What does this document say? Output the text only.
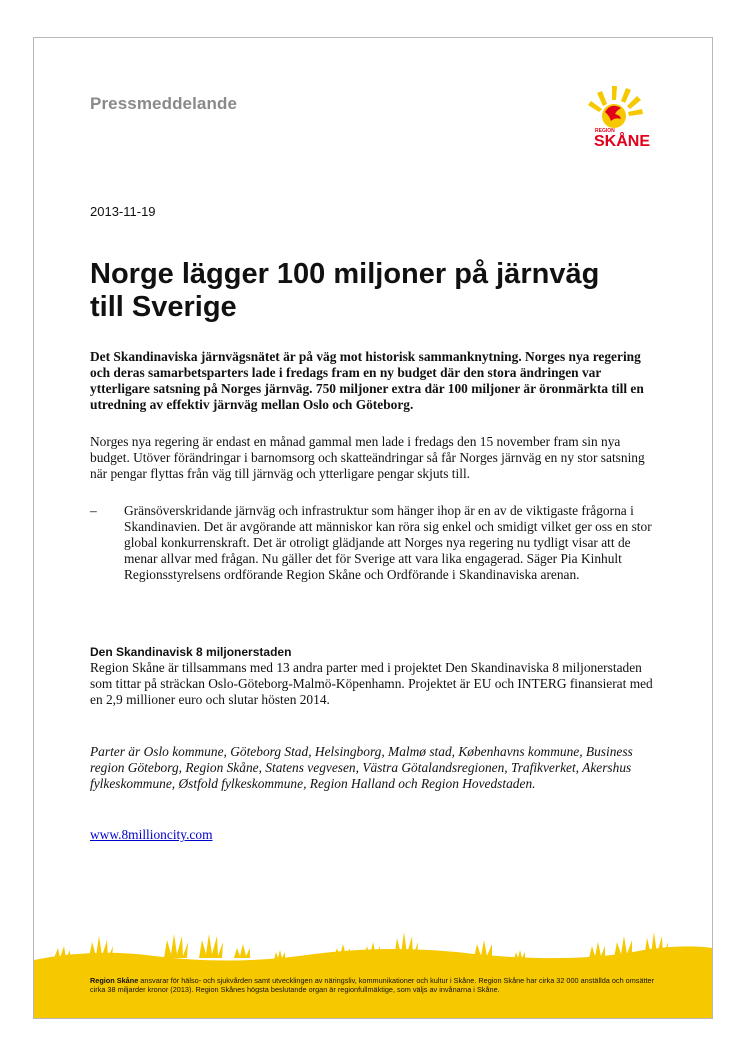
Pressmeddelande
REGION
SKÅNE
2013-11-19
Norge lägger 100 miljoner på järnväg till Sverige

Det Skandinaviska järnvägsnätet är på väg mot historisk sammanknytning. Norges nya regering och deras samarbetsparters lade i fredags fram en ny budget där den stora ändringen var ytterligare satsning på Norges järnväg. 750 miljoner extra där 100 miljoner är öronmärkta till en utredning av effektiv järnväg mellan Oslo och Göteborg.

Norges nya regering är endast en månad gammal men lade i fredags den 15 november fram sin nya budget. Utöver förändringar i barnomsorg och skatteändringar så får Norges järnväg en ny stor satsning när pengar flyttas från väg till järnväg och ytterligare pengar skjuts till.

– Gränsöverskridande järnväg och infrastruktur som hänger ihop är en av de viktigaste frågorna i Skandinavien. Det är avgörande att människor kan röra sig enkel och smidigt vilket ger oss en stor global konkurrenskraft. Det är otroligt glädjande att Norges nya regering nu tydligt visar att de menar allvar med frågan. Nu gäller det för Sverige att vara lika engagerad. Säger Pia Kinhult Regionsstyrelsens ordförande Region Skåne och Ordförande i Skandinaviska arenan.

Den Skandinavisk 8 miljonerstaden

Region Skåne är tillsammans med 13 andra parter med i projektet Den Skandinaviska 8 miljonerstaden som tittar på sträckan Oslo-Göteborg-Malmö-Köpenhamn. Projektet är EU och INTERG finansierat med en 2,9 millioner euro och slutar hösten 2014.

Parter är Oslo kommune, Göteborg Stad, Helsingborg, Malmø stad, Københavns kommune, Business region Göteborg, Region Skåne, Statens vegvesen, Västra Götalandsregionen, Trafikverket, Akershus fylkeskommune, Østfold fylkeskommune, Region Halland och Region Hovedstaden.

www.8millioncity.com
Region Skåne ansvarar för hälso- och sjukvården samt utvecklingen av näringsliv, kommunikationer och kultur i Skåne. Region Skåne har cirka 32 000 anställda och omsätter cirka 38 miljarder kronor (2013). Region Skånes högsta beslutande organ är regionfullmäktige, som väljs av invånarna i Skåne.
